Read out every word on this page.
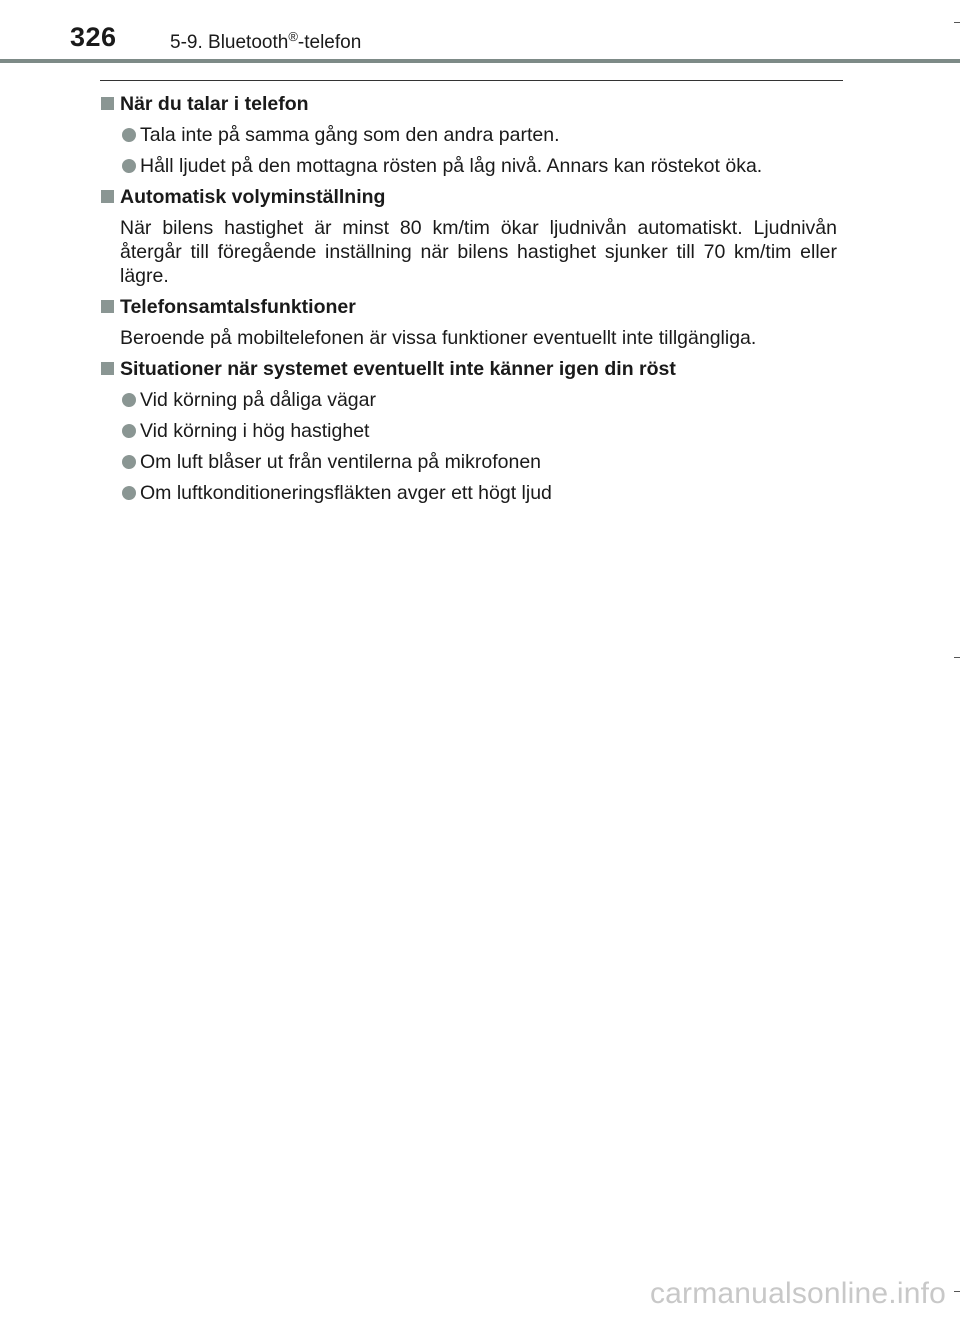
326	5-9. Bluetooth®-telefon
När du talar i telefon
Tala inte på samma gång som den andra parten.
Håll ljudet på den mottagna rösten på låg nivå. Annars kan röstekot öka.
Automatisk volyminställning
När bilens hastighet är minst 80 km/tim ökar ljudnivån automatiskt. Ljudnivån återgår till föregående inställning när bilens hastighet sjunker till 70 km/tim eller lägre.
Telefonsamtalsfunktioner
Beroende på mobiltelefonen är vissa funktioner eventuellt inte tillgängliga.
Situationer när systemet eventuellt inte känner igen din röst
Vid körning på dåliga vägar
Vid körning i hög hastighet
Om luft blåser ut från ventilerna på mikrofonen
Om luftkonditioneringsfläkten avger ett högt ljud
carmanualsonline.info
